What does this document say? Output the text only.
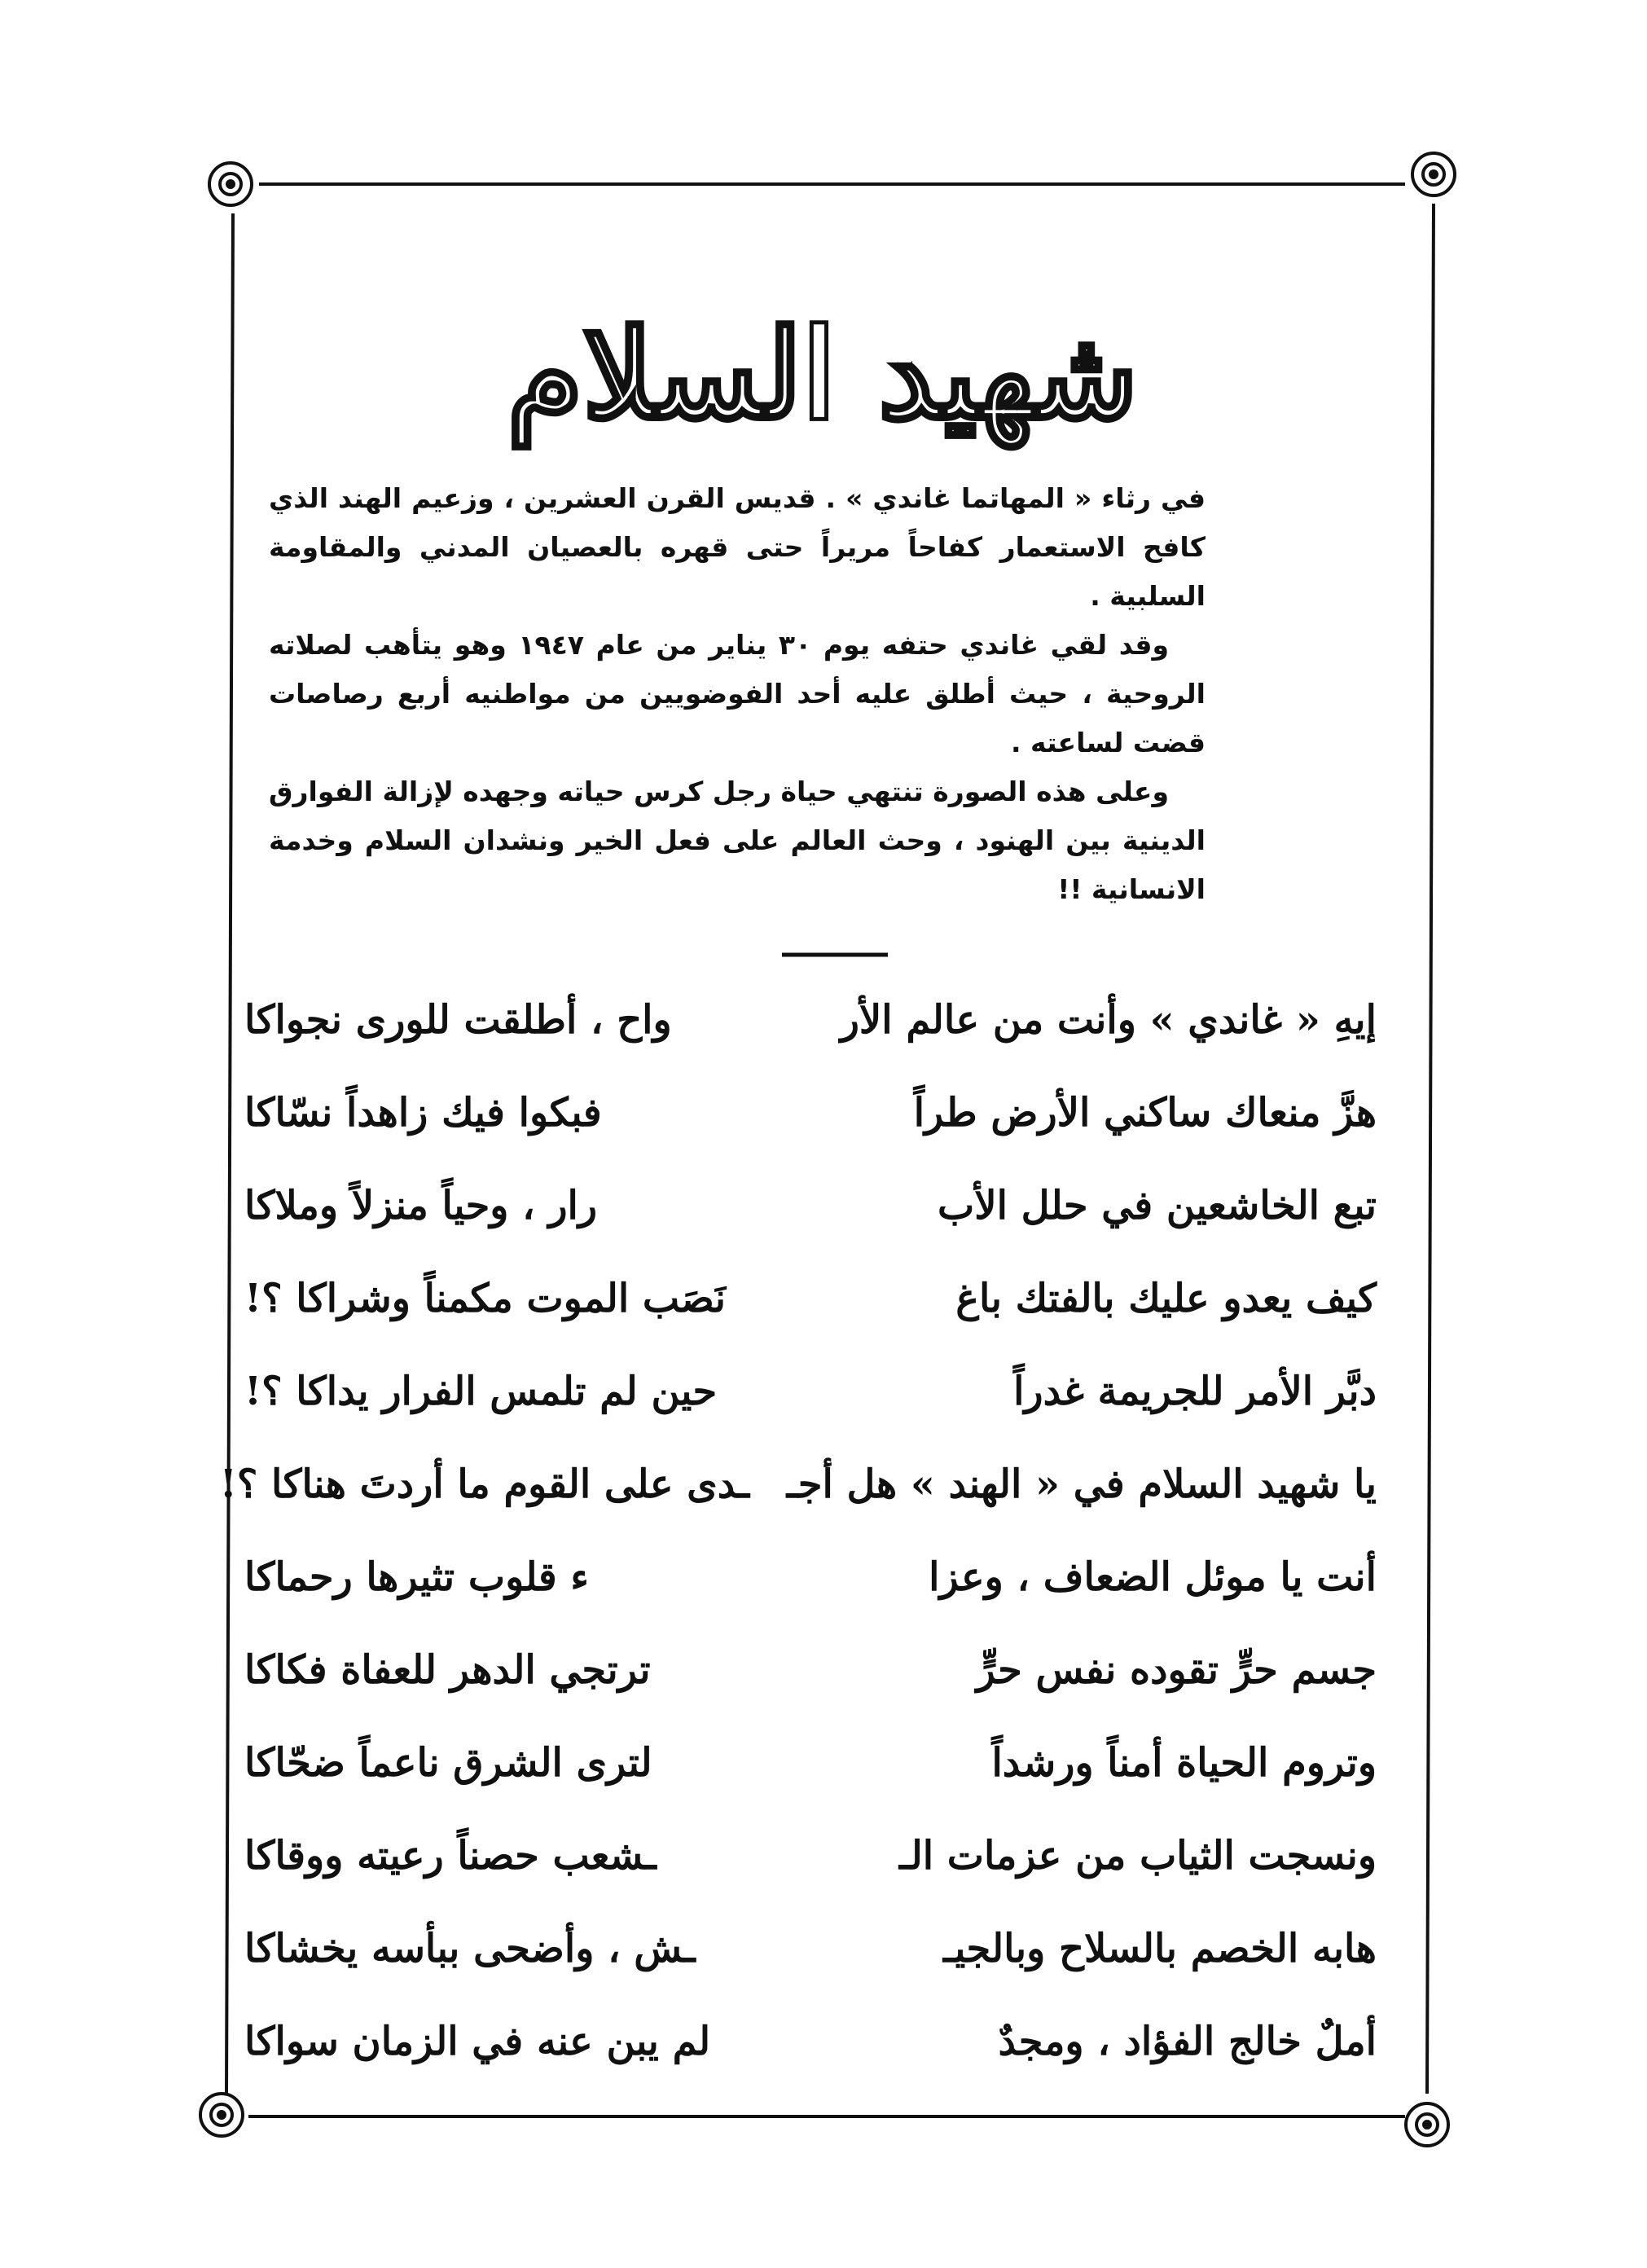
شهيد السلام

في رثاء « المهاتما غاندي » . قديس القرن العشرين ، وزعيم الهند الذي كافح الاستعمار كفاحاً مريراً حتى قهره بالعصيان المدني والمقاومة السلبية .

وقد لقي غاندي حتفه يوم ٣٠ يناير من عام ١٩٤٧ وهو يتأهب لصلاته الروحية ، حيث أطلق عليه أحد الفوضويين من مواطنيه أربع رصاصات قضت لساعته .

وعلى هذه الصورة تنتهي حياة رجل كرس حياته وجهده لإزالة الفوارق الدينية بين الهنود ، وحث العالم على فعل الخير ونشدان السلام وخدمة الانسانية !!

إيهِ « غاندي » وأنت من عالم الأر
واح ، أطلقت للورى نجواكا
هزَّ منعاك ساكني الأرض طراً
فبكوا فيك زاهداً نسّاكا
تبع الخاشعين في حلل الأب
رار ، وحياً منزلاً وملاكا
كيف يعدو عليك بالفتك باغ
نَصَب الموت مكمناً وشراكا ؟!
دبَّر الأمر للجريمة غدراً
حين لم تلمس الفرار يداكا ؟!
يا شهيد السلام في « الهند » هل أجـ
ـدى على القوم ما أردتَ هناكا ؟!
أنت يا موئل الضعاف ، وعزا
ء قلوب تثيرها رحماكا
جسم حرٍّ تقوده نفس حرٍّ
ترتجي الدهر للعفاة فكاكا
وتروم الحياة أمناً ورشداً
لترى الشرق ناعماً ضحّاكا
ونسجت الثياب من عزمات الـ
ـشعب حصناً رعيته ووقاكا
هابه الخصم بالسلاح وبالجيـ
ـش ، وأضحى ببأسه يخشاكا
أملٌ خالج الفؤاد ، ومجدٌ
لم يبن عنه في الزمان سواكا
